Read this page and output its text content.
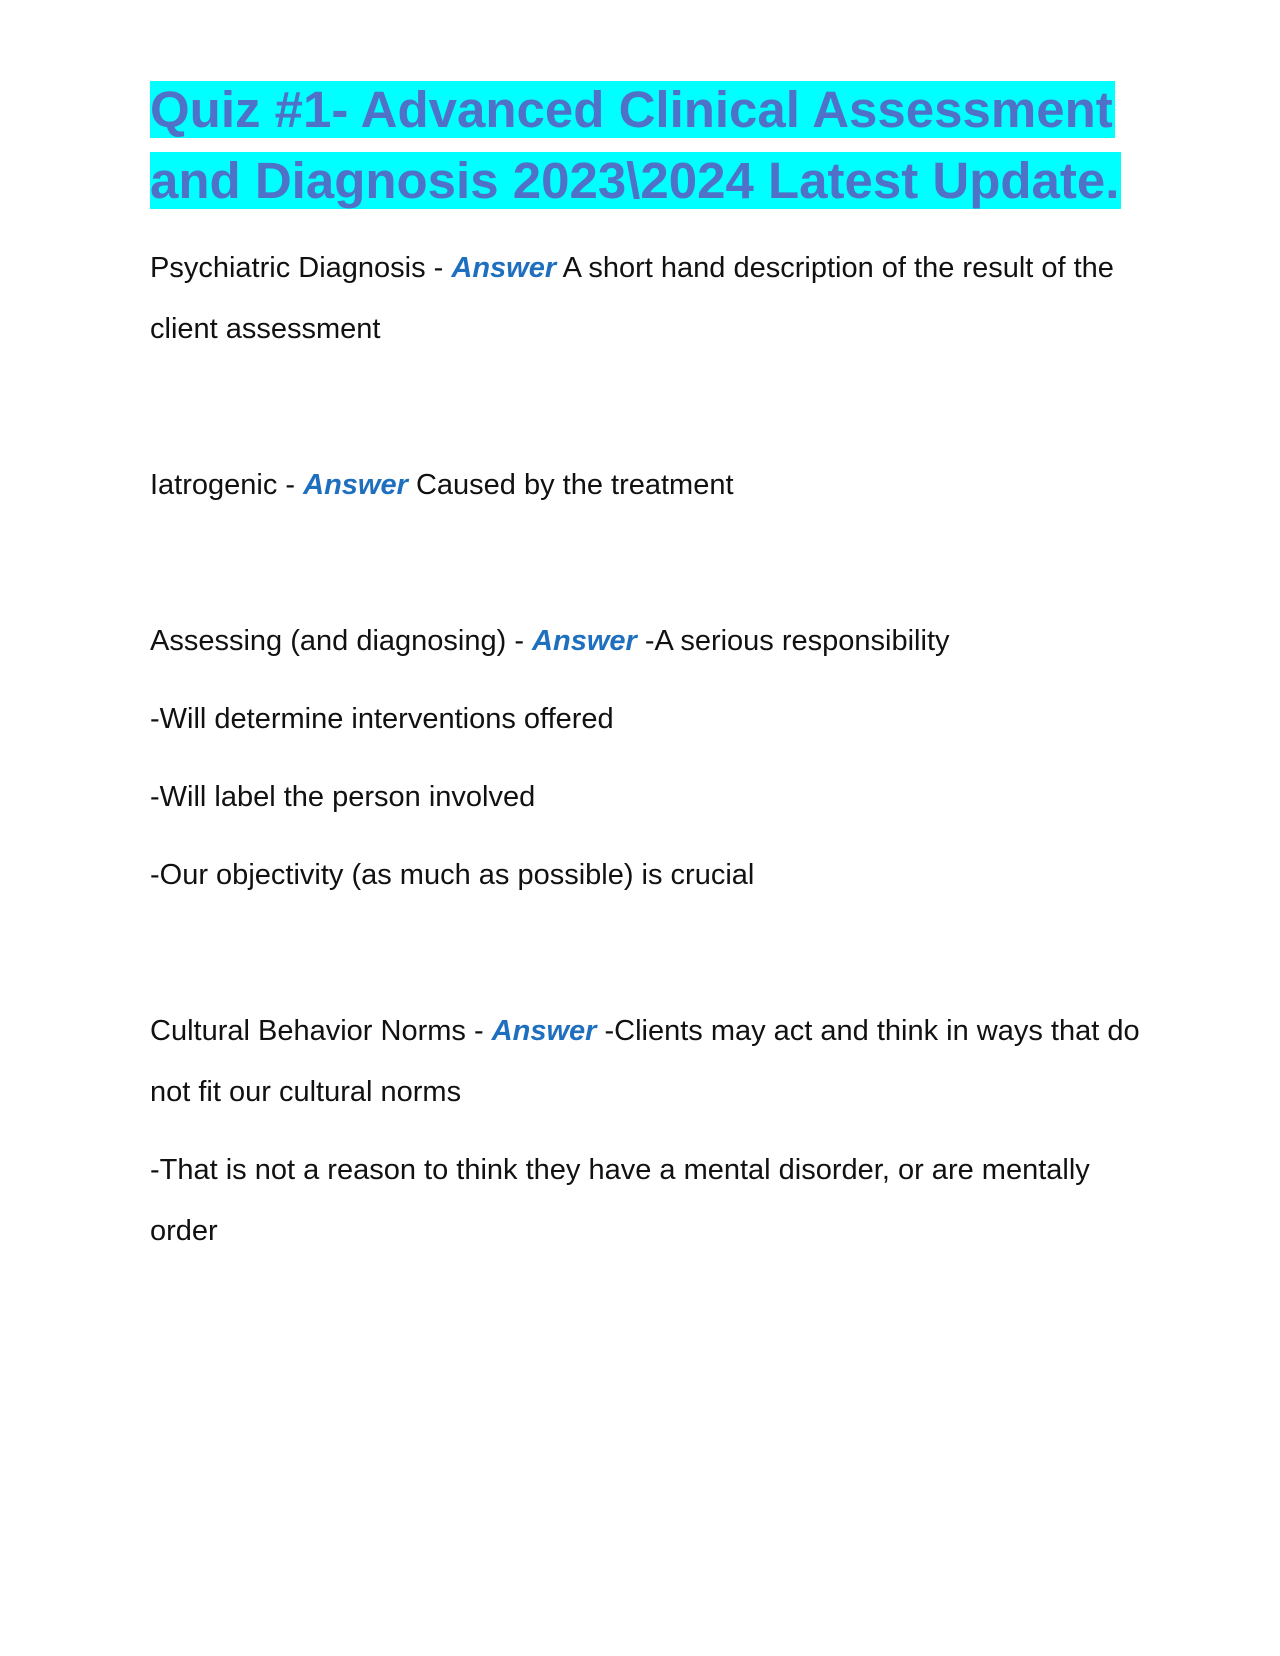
Quiz #1- Advanced Clinical Assessment and Diagnosis 2023\2024 Latest Update.

Psychiatric Diagnosis - Answer A short hand description of the result of the client assessment

Iatrogenic - Answer Caused by the treatment

Assessing (and diagnosing) - Answer -A serious responsibility

-Will determine interventions offered

-Will label the person involved

-Our objectivity (as much as possible) is crucial

Cultural Behavior Norms - Answer -Clients may act and think in ways that do not fit our cultural norms

-That is not a reason to think they have a mental disorder, or are mentally order
